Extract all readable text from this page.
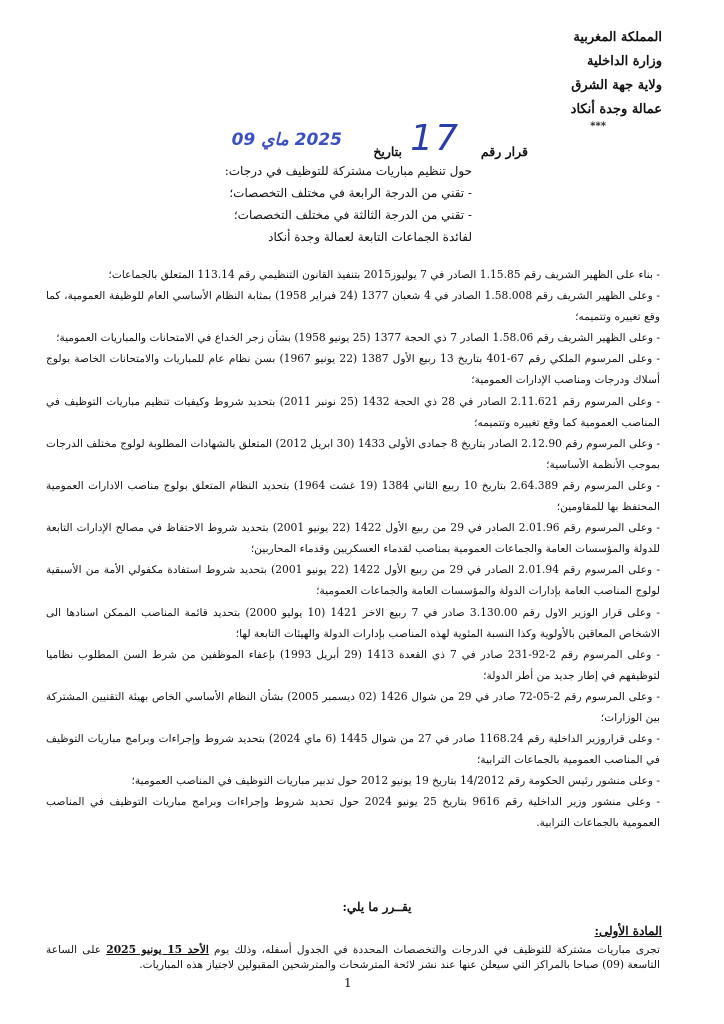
المملكة المغربية
وزارة الداخلية
ولاية جهة الشرق
عمالة وجدة أنكاد
***
قرار رقم
17
بتاريخ
2025 ماي 09
حول تنظيم مباريات مشتركة للتوظيف في درجات:
- تقني من الدرجة الرابعة في مختلف التخصصات؛
- تقني من الدرجة الثالثة في مختلف التخصصات؛
لفائدة الجماعات التابعة لعمالة وجدة أنكاد

- بناء على الظهير الشريف رقم 1.15.85 الصادر في 7 يوليوز2015 بتنفيذ القانون التنظيمي رقم 113.14 المتعلق بالجماعات؛

- وعلى الظهير الشريف رقم 1.58.008 الصادر في 4 شعبان 1377 (24 فبراير 1958) بمثابة النظام الأساسي العام للوظيفة العمومية، كما وقع تغييره وتتميمه؛

- وعلى الظهير الشريف رقم 1.58.06 الصادر 7 ذي الحجة 1377 (25 يونيو 1958) بشأن زجر الخداع في الامتحانات والمباريات العمومية؛

- وعلى المرسوم الملكي رقم 67-401 بتاريخ 13 ربيع الأول 1387 (22 يونيو 1967) بسن نظام عام للمباريات والامتحانات الخاصة بولوج أسلاك ودرجات ومناصب الإدارات العمومية؛

- وعلى المرسوم رقم 2.11.621 الصادر في 28 ذي الحجة 1432 (25 نونبر 2011) بتحديد شروط وكيفيات تنظيم مباريات التوظيف في المناصب العمومية كما وقع تغييره وتتميمه؛

- وعلى المرسوم رقم 2.12.90 الصادر بتاريخ 8 جمادى الأولى 1433 (30 ابريل 2012) المتعلق بالشهادات المطلوبة لولوج مختلف الدرجات بموجب الأنظمة الأساسية؛

- وعلى المرسوم رقم 2.64.389 بتاريخ 10 ربيع الثاني 1384 (19 غشت 1964) بتحديد النظام المتعلق بولوج مناصب الادارات العمومية المحتفظ بها للمقاومين؛

- وعلى المرسوم رقم 2.01.96 الصادر في 29 من ربيع الأول 1422 (22 يونيو 2001) بتحديد شروط الاحتفاظ في مصالح الإدارات التابعة للدولة والمؤسسات العامة والجماعات العمومية بمناصب لقدماء العسكريين وقدماء المحاربين؛

- وعلى المرسوم رقم 2.01.94 الصادر في 29 من ربيع الأول 1422 (22 يونيو 2001) بتحديد شروط استفادة مكفولي الأمة من الأسبقية لولوج المناصب العامة بإدارات الدولة والمؤسسات العامة والجماعات العمومية؛

- وعلى قرار الوزير الاول رقم 3.130.00 صادر في 7 ربيع الاخر 1421 (10 يوليو 2000) بتحديد قائمة المناصب الممكن اسنادها الى الاشخاص المعاقين بالأولوية وكذا النسبة المئوية لهذه المناصب بإدارات الدولة والهيئات التابعة لها؛

- وعلى المرسوم رقم 2-92-231 صادر في 7 ذي القعدة 1413 (29 أبريل 1993) بإعفاء الموظفين من شرط السن المطلوب نظاميا لتوظيفهم في إطار جديد من أطر الدولة؛

- وعلى المرسوم رقم 2-05-72 صادر في 29 من شوال 1426 (02 ديسمبر 2005) بشأن النظام الأساسي الخاص بهيئة التقنيين المشتركة بين الوزارات؛

- وعلى قراروزير الداخلية رقم 1168.24 صادر في 27 من شوال 1445 (6 ماي 2024) بتحديد شروط وإجراءات وبرامج مباريات التوظيف في المناصب العمومية بالجماعات الترابية؛

- وعلى منشور رئيس الحكومة رقم 14/2012 بتاريخ 19 يونيو 2012 حول تدبير مباريات التوظيف في المناصب العمومية؛

- وعلى منشور وزير الداخلية رقم 9616 بتاريخ 25 يونيو 2024 حول تحديد شروط وإجراءات وبرامج مباريات التوظيف في المناصب العمومية بالجماعات الترابية.

يقــرر ما يلي:
المادة الأولى:
تجرى مباريات مشتركة للتوظيف في الدرجات والتخصصات المحددة في الجدول أسفله، وذلك يوم الأحد 15 يونيو 2025 على الساعة التاسعة (09) صباحا بالمراكز التي سيعلن عنها عند نشر لائحة المترشحات والمترشحين المقبولين لاجتياز هذه المباريات.
1
